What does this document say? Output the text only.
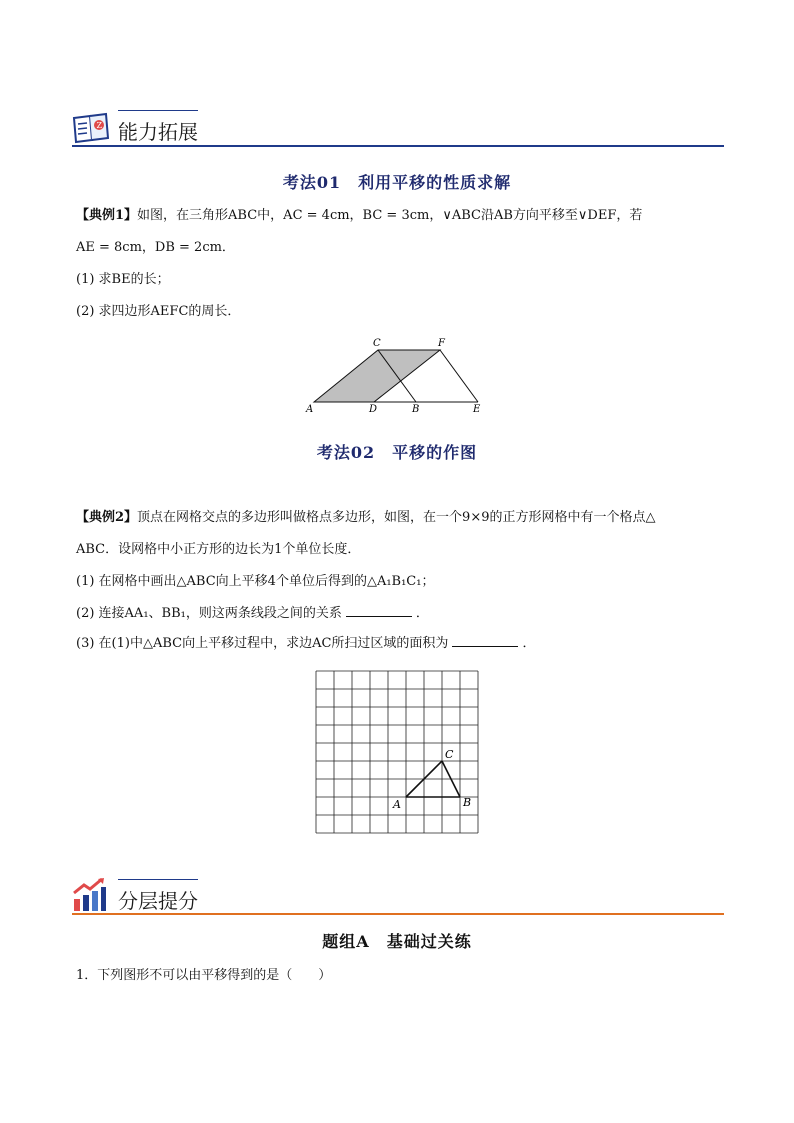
Z 能力拓展
考法01　利用平移的性质求解
【典例1】如图，在三角形ABC中，AC = 4cm，BC = 3cm，∨ABC沿AB方向平移至∨DEF，若
AE = 8cm，DB = 2cm．
(1) 求BE的长；
(2) 求四边形AEFC的周长．
A	D	B	E
C	F
考法02　平移的作图
【典例2】顶点在网格交点的多边形叫做格点多边形，如图，在一个9×9的正方形网格中有一个格点△
ABC．设网格中小正方形的边长为1个单位长度．
(1) 在网格中画出△ABC向上平移4个单位后得到的△A₁B₁C₁；
(2) 连接AA₁、BB₁，则这两条线段之间的关系	．
(3) 在(1)中△ABC向上平移过程中，求边AC所扫过区域的面积为	．
A	B
C
分层提分
题组A　基础过关练
1．下列图形不可以由平移得到的是（　　）
